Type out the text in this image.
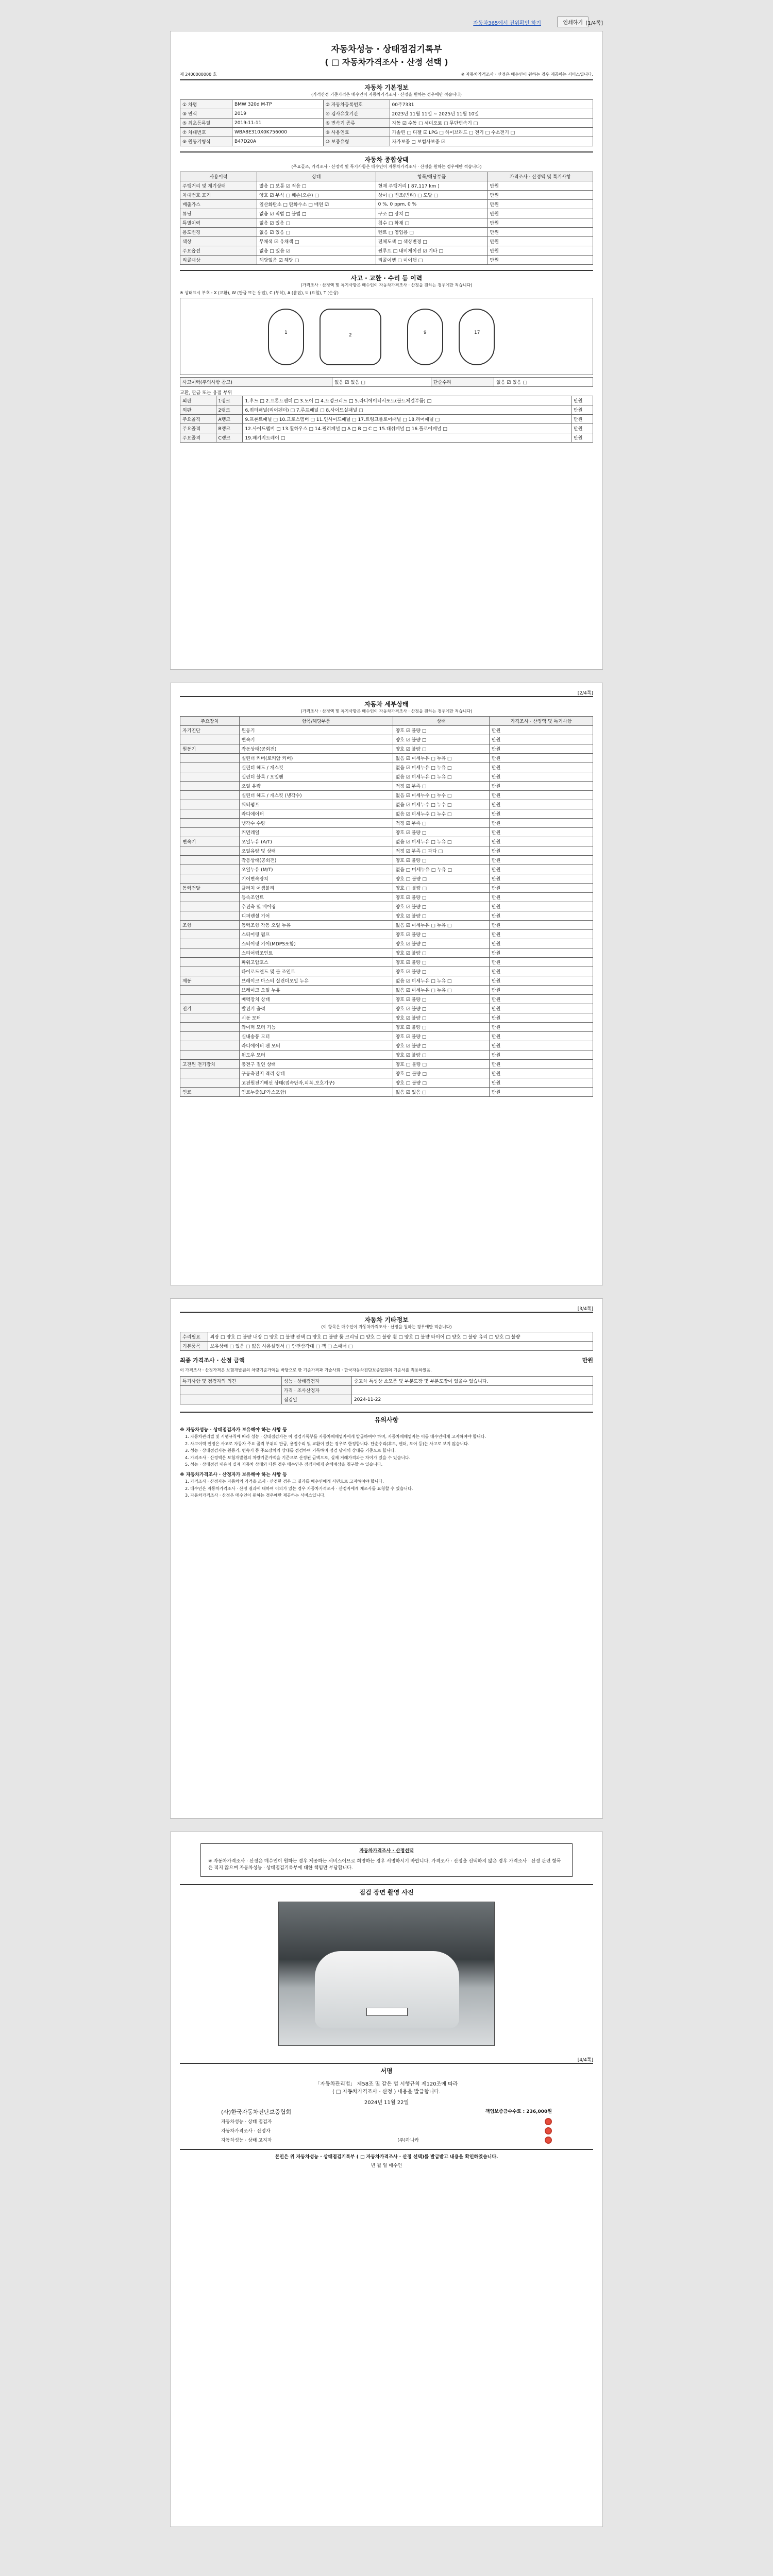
자동차365에서 진위확인 하기	인쇄하기 [1/4쪽]
자동차성능 · 상태점검기록부
( □ 자동차가격조사 · 산정 선택 )
제 2400000000 호	※ 자동차가격조사 · 산정은 매수인이 원하는 경우 제공하는 서비스입니다.
자동차 기본정보
(가격산정 기준가격은 매수인이 자동차가격조사 · 산정을 원하는 경우에만 적습니다)
① 차명	BMW 320d M-TP	② 자동차등록번호	00주7331
③ 연식	2019	④ 검사유효기간	2023년 11월 11일 ~ 2025년 11월 10일
⑤ 최초등록일	2019-11-11	⑥ 변속기 종류	자동 ☑ 수동 □ 세미오토 □ 무단변속기 □
⑦ 차대번호	WBA8E310X0K756000	⑧ 사용연료	가솔린 □ 디젤 ☑ LPG □ 하이브리드 □ 전기 □ 수소전기 □
⑨ 원동기형식	B47D20A	⑩ 보증유형	자가보증 □ 보험사보증 ☑
자동차 종합상태
(주요골조, 가격조사 · 산정액 및 특기사항은 매수인이 자동차가격조사 · 산정을 원하는 경우에만 적습니다)
사용이력	상태	항목/해당부품	가격조사 · 산정액 및 특기사항
주행거리 및 계기상태	많음 □ 보통 ☑ 적음 □	현재 주행거리 [ 87,117 km ]	만원
차대번호 표기	양호 ☑ 부식 □ 훼손(오손) □	상이 □ 변조(변타) □ 도말 □	만원
배출가스	일산화탄소 □ 탄화수소 □ 매연 ☑	0 %, 0 ppm, 0 %	만원
튜닝	없음 ☑ 적법 □ 불법 □	구조 □ 장치 □	만원
특별이력	없음 ☑ 있음 □	침수 □ 화재 □	만원
용도변경	없음 ☑ 있음 □	렌트 □ 영업용 □	만원
색상	무채색 ☑ 유채색 □	전체도색 □ 색상변경 □	만원
주요옵션	없음 □ 있음 ☑	썬루프 □ 내비게이션 ☑ 기타 □	만원
리콜대상	해당없음 ☑ 해당 □	리콜이행 □ 미이행 □	만원
사고 · 교환 · 수리 등 이력
(가격조사 · 산정액 및 특기사항은 매수인이 자동차가격조사 · 산정을 원하는 경우에만 적습니다)
※ 상태표시 부호 : X (교환), W (판금 또는 용접), C (부식), A (흠집), U (요철), T (손상)
1	2	9	17
사고이력(주의사항 참고)	없음 ☑ 있음 □	단순수리	없음 ☑ 있음 □
교환, 판금 또는 용접 부위
외판	1랭크	1.후드 □ 2.프론트펜더 □ 3.도어 □ 4.트렁크리드 □ 5.라디에이터서포트(볼트체결부품) □	만원
외판	2랭크	6.쿼터패널(리어펜더) □ 7.루프패널 □ 8.사이드실패널 □	만원
주요골격	A랭크	9.프론트패널 □ 10.크로스멤버 □ 11.인사이드패널 □ 17.트렁크플로어패널 □ 18.리어패널 □	만원
주요골격	B랭크	12.사이드멤버 □ 13.휠하우스 □ 14.필러패널 □ A □ B □ C □ 15.대쉬패널 □ 16.플로어패널 □	만원
주요골격	C랭크	19.패키지트레이 □	만원
[2/4쪽]
자동차 세부상태
(가격조사 · 산정액 및 특기사항은 매수인이 자동차가격조사 · 산정을 원하는 경우에만 적습니다)
주요장치	항목/해당부품	상태	가격조사 · 산정액 및 특기사항
자기진단	원동기	양호 ☑ 불량 □	만원
	변속기	양호 ☑ 불량 □	만원
원동기	작동상태(공회전)	양호 ☑ 불량 □	만원
	실린더 커버(로커암 커버)	없음 ☑ 미세누유 □ 누유 □	만원
	실린더 헤드 / 개스킷	없음 ☑ 미세누유 □ 누유 □	만원
	실린더 블록 / 오일팬	없음 ☑ 미세누유 □ 누유 □	만원
	오일 유량	적정 ☑ 부족 □	만원
	실린더 헤드 / 개스킷 (냉각수)	없음 ☑ 미세누수 □ 누수 □	만원
	워터펌프	없음 ☑ 미세누수 □ 누수 □	만원
	라디에이터	없음 ☑ 미세누수 □ 누수 □	만원
	냉각수 수량	적정 ☑ 부족 □	만원
	커먼레일	양호 ☑ 불량 □	만원
변속기	오일누유 (A/T)	없음 ☑ 미세누유 □ 누유 □	만원
	오일유량 및 상태	적정 ☑ 부족 □ 과다 □	만원
	작동상태(공회전)	양호 ☑ 불량 □	만원
	오일누유 (M/T)	없음 □ 미세누유 □ 누유 □	만원
	기어변속장치	양호 □ 불량 □	만원
동력전달	클러치 어셈블리	양호 □ 불량 □	만원
	등속조인트	양호 ☑ 불량 □	만원
	추진축 및 베어링	양호 ☑ 불량 □	만원
	디퍼렌셜 기어	양호 ☑ 불량 □	만원
조향	동력조향 작동 오일 누유	없음 ☑ 미세누유 □ 누유 □	만원
	스티어링 펌프	양호 ☑ 불량 □	만원
	스티어링 기어(MDPS포함)	양호 ☑ 불량 □	만원
	스티어링조인트	양호 ☑ 불량 □	만원
	파워고압호스	양호 ☑ 불량 □	만원
	타이로드엔드 및 볼 조인트	양호 ☑ 불량 □	만원
제동	브레이크 마스터 실린더오일 누유	없음 ☑ 미세누유 □ 누유 □	만원
	브레이크 오일 누유	없음 ☑ 미세누유 □ 누유 □	만원
	배력장치 상태	양호 ☑ 불량 □	만원
전기	발전기 출력	양호 ☑ 불량 □	만원
	시동 모터	양호 ☑ 불량 □	만원
	와이퍼 모터 기능	양호 ☑ 불량 □	만원
	실내송풍 모터	양호 ☑ 불량 □	만원
	라디에이터 팬 모터	양호 ☑ 불량 □	만원
	윈도우 모터	양호 ☑ 불량 □	만원
고전원 전기장치	충전구 절연 상태	양호 □ 불량 □	만원
	구동축전지 격리 상태	양호 □ 불량 □	만원
	고전원전기배선 상태(접속단자,피복,보호기구)	양호 □ 불량 □	만원
연료	연료누출(LP가스포함)	없음 ☑ 있음 □	만원
[3/4쪽]
자동차 기타정보
(이 항목은 매수인이 자동차가격조사 · 산정을 원하는 경우에만 적습니다)
수리필요	외장 □ 양호 □ 불량 내장 □ 양호 □ 불량 광택 □ 양호 □ 불량 룸 크리닝 □ 양호 □ 불량 휠 □ 양호 □ 불량 타이어 □ 양호 □ 불량 유리 □ 양호 □ 불량
기본품목	보유상태 □ 있음 □ 없음 사용설명서 □ 안전삼각대 □ 잭 □ 스패너 □
최종 가격조사 · 산정 금액	만원
이 가격조사 · 산정가격은 보험개발원의 차량기준가액을 바탕으로 한 기준가격과 기술사회 · 한국자동차진단보증협회의 기준서를 적용하였음.
특기사항 및 점검자의 의견	성능 · 상태점검자	중고차 특성상 소모품 및 부분도장 및 부분도장이 있을수 있습니다.
	가격 · 조사산정자	
	점검일	2024-11-22
유의사항
※ 자동차성능 · 상태점검자가 보유해야 하는 사항 등

1. 자동차관리법 및 시행규칙에 따라 성능 · 상태점검자는 이 점검기록부를 자동차매매업자에게 발급하여야 하며, 자동차매매업자는 이를 매수인에게 고지하여야 합니다.

2. 사고이력 인정은 사고로 자동차 주요 골격 부위의 판금, 용접수리 및 교환이 있는 경우로 한정합니다. 단순수리(후드, 펜더, 도어 등)는 사고로 보지 않습니다.

3. 성능 · 상태점검자는 원동기, 변속기 등 주요장치의 상태를 점검하여 기록하며 점검 당시의 상태를 기준으로 합니다.

4. 가격조사 · 산정액은 보험개발원의 차량기준가액을 기준으로 산정된 금액으로, 실제 거래가격과는 차이가 있을 수 있습니다.

5. 성능 · 상태점검 내용이 실제 자동차 상태와 다른 경우 매수인은 점검자에게 손해배상을 청구할 수 있습니다.

※ 자동차가격조사 · 산정자가 보유해야 하는 사항 등

1. 가격조사 · 산정자는 자동차의 가격을 조사 · 산정한 경우 그 결과를 매수인에게 서면으로 고지하여야 합니다.

2. 매수인은 자동차가격조사 · 산정 결과에 대하여 이의가 있는 경우 자동차가격조사 · 산정자에게 재조사를 요청할 수 있습니다.

3. 자동차가격조사 · 산정은 매수인이 원하는 경우에만 제공하는 서비스입니다.

자동차가격조사 · 산정선택
※ 자동차가격조사 · 산정은 매수인이 원하는 경우 제공하는 서비스이므로 희망하는 경우 서명하시기 바랍니다. 가격조사 · 산정을 선택하지 않은 경우 가격조사 · 산정 관련 항목은 적지 않으며 자동차성능 · 상태점검기록부에 대한 책임만 부담합니다.
점검 장면 촬영 사진
[4/4쪽]
서명
「자동차관리법」 제58조 및 같은 법 시행규칙 제120조에 따라
( □ 자동차가격조사 · 산정 ) 내용을 발급합니다.
2024년 11월 22일
(사)한국자동차진단보증협회	책임보증금수수료 : 236,000원
자동차성능 · 상태 점검자
자동차가격조사 · 산정자
자동차성능 · 상태 고지자	(주)하나카
본인은 위 자동차성능 · 상태점검기록부 ( □ 자동차가격조사 · 산정 선택)를 발급받고 내용을 확인하였습니다.
년 월 일 매수인
